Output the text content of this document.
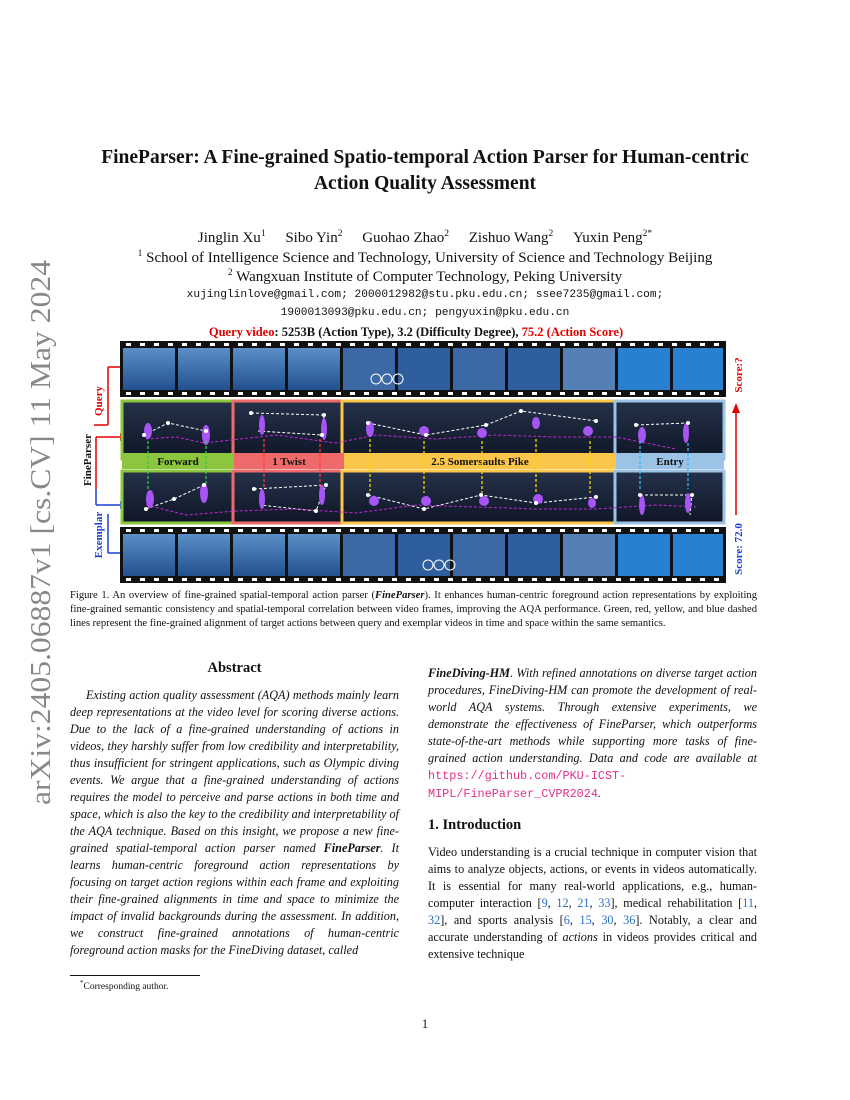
arXiv:2405.06887v1 [cs.CV] 11 May 2024
FineParser: A Fine-grained Spatio-temporal Action Parser for Human-centric
Action Quality Assessment
Jinglin Xu$^1$ Sibo Yin$^2$ Guohao Zhao$^2$ Zishuo Wang$^2$ Yuxin Peng$^{2*}$
$^1$ School of Intelligence Science and Technology, University of Science and Technology Beijing
$^2$ Wangxuan Institute of Computer Technology, Peking University
xujinglinlove@gmail.com; 2000012982@stu.pku.edu.cn; ssee7235@gmail.com;
1900013093@pku.edu.cn; pengyuxin@pku.edu.cn
Query video: 5253B (Action Type), 3.2 (Difficulty Degree), 75.2 (Action Score)
Query
FineParser
Exemplar
Forward	1 Twist	2.5 Somersaults Pike	Entry
Score:?
Score: 72.0
Figure 1. An overview of fine-grained spatial-temporal action parser (FineParser). It enhances human-centric foreground action representations by exploiting fine-grained semantic consistency and spatial-temporal correlation between video frames, improving the AQA performance. Green, red, yellow, and blue dashed lines represent the fine-grained alignment of target actions between query and exemplar videos in time and space within the same semantics.
Abstract
Existing action quality assessment (AQA) methods mainly learn deep representations at the video level for scoring diverse actions. Due to the lack of a fine-grained understanding of actions in videos, they harshly suffer from low credibility and interpretability, thus insufficient for stringent applications, such as Olympic diving events. We argue that a fine-grained understanding of actions requires the model to perceive and parse actions in both time and space, which is also the key to the credibility and interpretability of the AQA technique. Based on this insight, we propose a new fine-grained spatial-temporal action parser named FineParser. It learns human-centric foreground action representations by focusing on target action regions within each frame and exploiting their fine-grained alignments in time and space to minimize the impact of invalid backgrounds during the assessment. In addition, we construct fine-grained annotations of human-centric foreground action masks for the FineDiving dataset, called
FineDiving-HM. With refined annotations on diverse target action procedures, FineDiving-HM can promote the development of real-world AQA systems. Through extensive experiments, we demonstrate the effectiveness of FineParser, which outperforms state-of-the-art methods while supporting more tasks of fine-grained action understanding. Data and code are available at https://github.com/PKU-ICST-MIPL/FineParser_CVPR2024.
1. Introduction
Video understanding is a crucial technique in computer vision that aims to analyze objects, actions, or events in videos automatically. It is essential for many real-world applications, e.g., human-computer interaction [9, 12, 21, 33], medical rehabilitation [11, 32], and sports analysis [6, 15, 30, 36]. Notably, a clear and accurate understanding of actions in videos provides critical and extensive technique
*Corresponding author.
1
